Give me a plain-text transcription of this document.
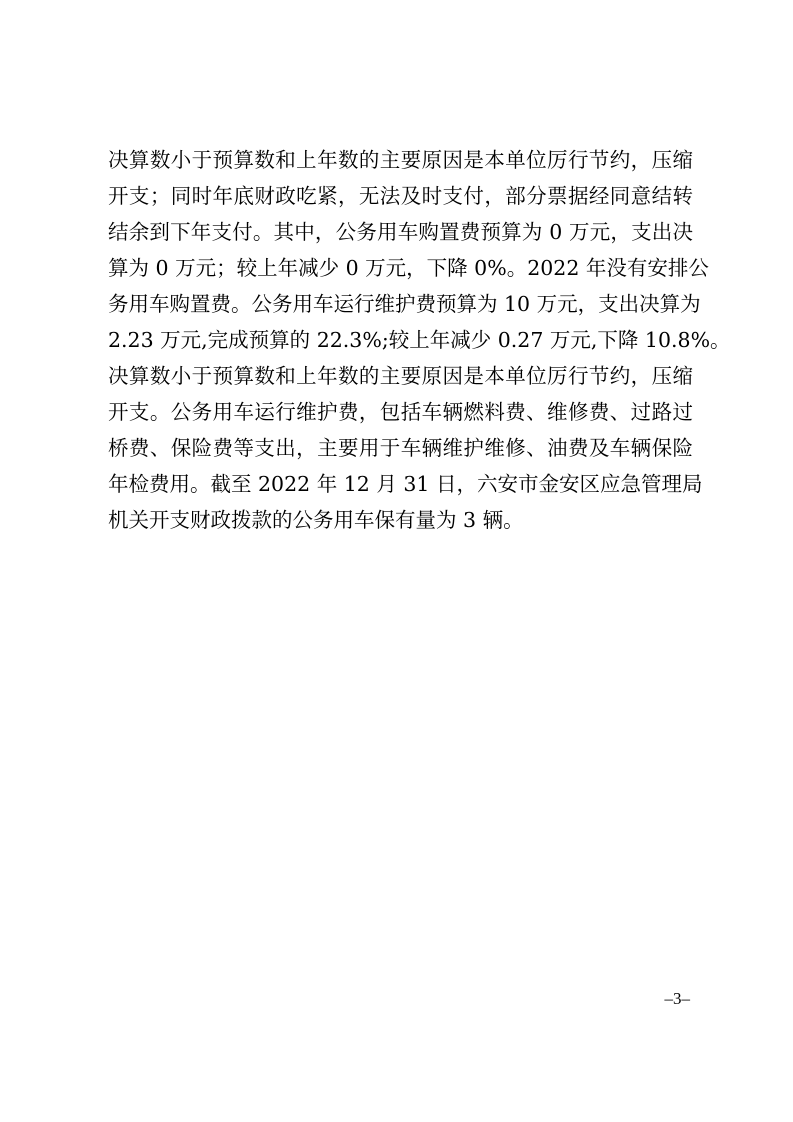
决算数小于预算数和上年数的主要原因是本单位厉行节约，压缩
开支；同时年底财政吃紧，无法及时支付，部分票据经同意结转
结余到下年支付。其中，公务用车购置费预算为 0 万元，支出决
算为 0 万元；较上年减少 0 万元，下降 0%。2022 年没有安排公
务用车购置费。公务用车运行维护费预算为 10 万元，支出决算为
2.23 万元,完成预算的 22.3%;较上年减少 0.27 万元,下降 10.8%。
决算数小于预算数和上年数的主要原因是本单位厉行节约，压缩
开支。公务用车运行维护费，包括车辆燃料费、维修费、过路过
桥费、保险费等支出，主要用于车辆维护维修、油费及车辆保险
年检费用。截至 2022 年 12 月 31 日，六安市金安区应急管理局
机关开支财政拨款的公务用车保有量为 3 辆。
–3–
